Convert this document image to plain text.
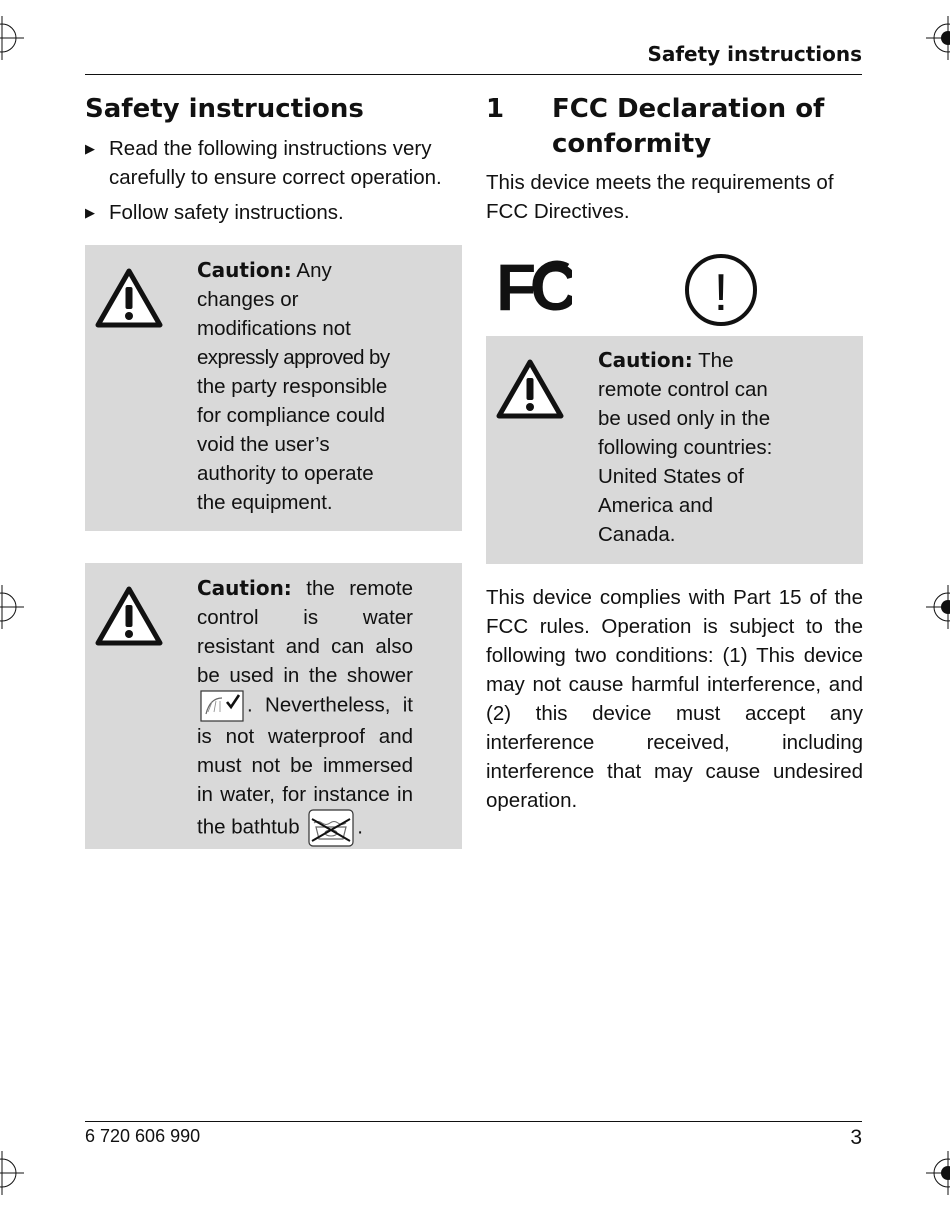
Safety instructions
Safety instructions
▶ Read the following instructions very carefully to ensure correct operation.
▶ Follow safety instructions.
Caution: Any
changes or
modifications not
expressly approved by
the party responsible
for compliance could
void the user’s
authority to operate
the equipment.
Caution: the remote control is water resistant and can also be used in the shower . Nevertheless, it is not waterproof and must not be immersed in water, for instance in the bathtub	.
1	FCC Declaration of conformity

This device meets the requirements of FCC Directives.

FC	!
Caution: The
remote control can
be used only in the
following countries:
United States of
America and
Canada.

This device complies with Part 15 of the FCC rules. Operation is subject to the following two conditions: (1) This device may not cause harmful interference, and (2) this device must accept any interference received, including interference that may cause undesired operation.

6 720 606 990	3
